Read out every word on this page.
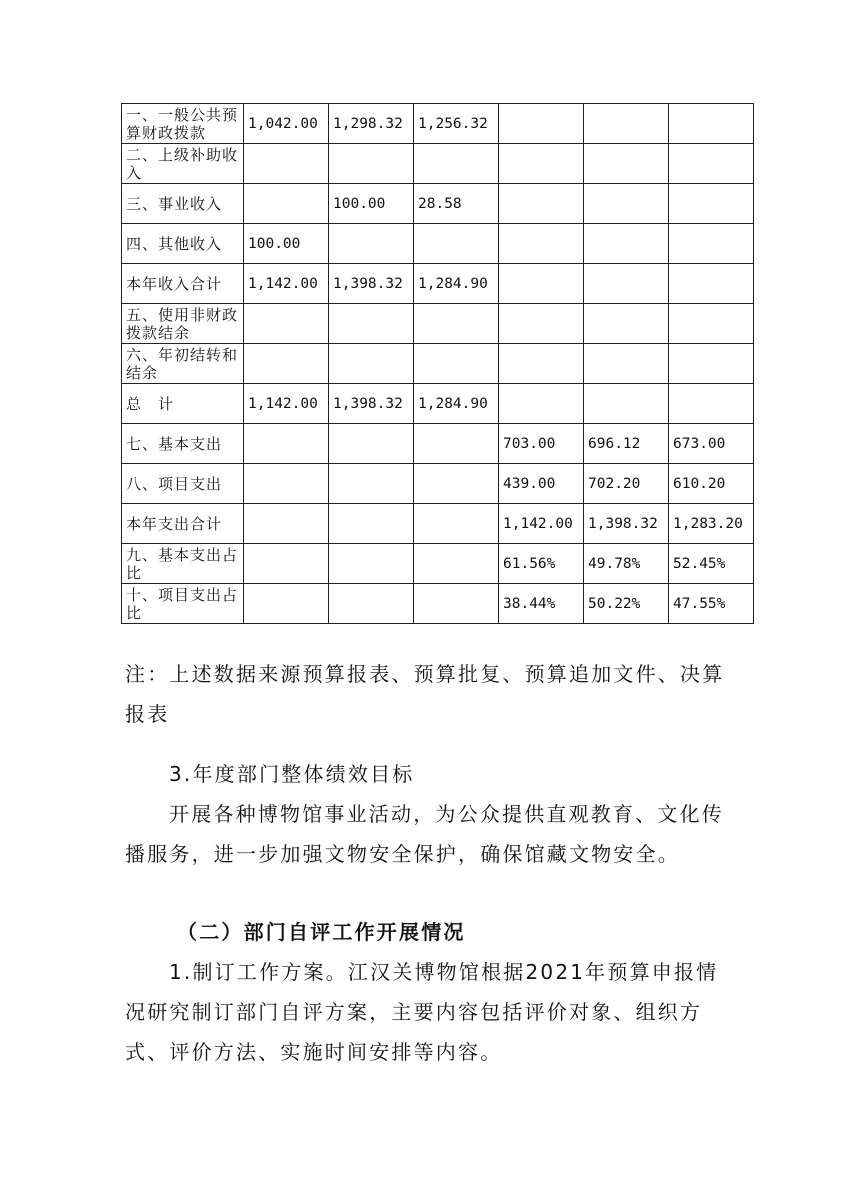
一、一般公共预算财政拨款	1,042.00	1,298.32	1,256.32			
二、上级补助收入						
三、事业收入		100.00	28.58			
四、其他收入	100.00					
本年收入合计	1,142.00	1,398.32	1,284.90			
五、使用非财政拨款结余						
六、年初结转和结余						
总　计	1,142.00	1,398.32	1,284.90			
七、基本支出				703.00	696.12	673.00
八、项目支出				439.00	702.20	610.20
本年支出合计				1,142.00	1,398.32	1,283.20
九、基本支出占比				61.56%	49.78%	52.45%
十、项目支出占比				38.44%	50.22%	47.55%

注：上述数据来源预算报表、预算批复、预算追加文件、决算报表

3.年度部门整体绩效目标

开展各种博物馆事业活动，为公众提供直观教育、文化传播服务，进一步加强文物安全保护，确保馆藏文物安全。

（二）部门自评工作开展情况

1.制订工作方案。江汉关博物馆根据2021年预算申报情况研究制订部门自评方案，主要内容包括评价对象、组织方式、评价方法、实施时间安排等内容。
